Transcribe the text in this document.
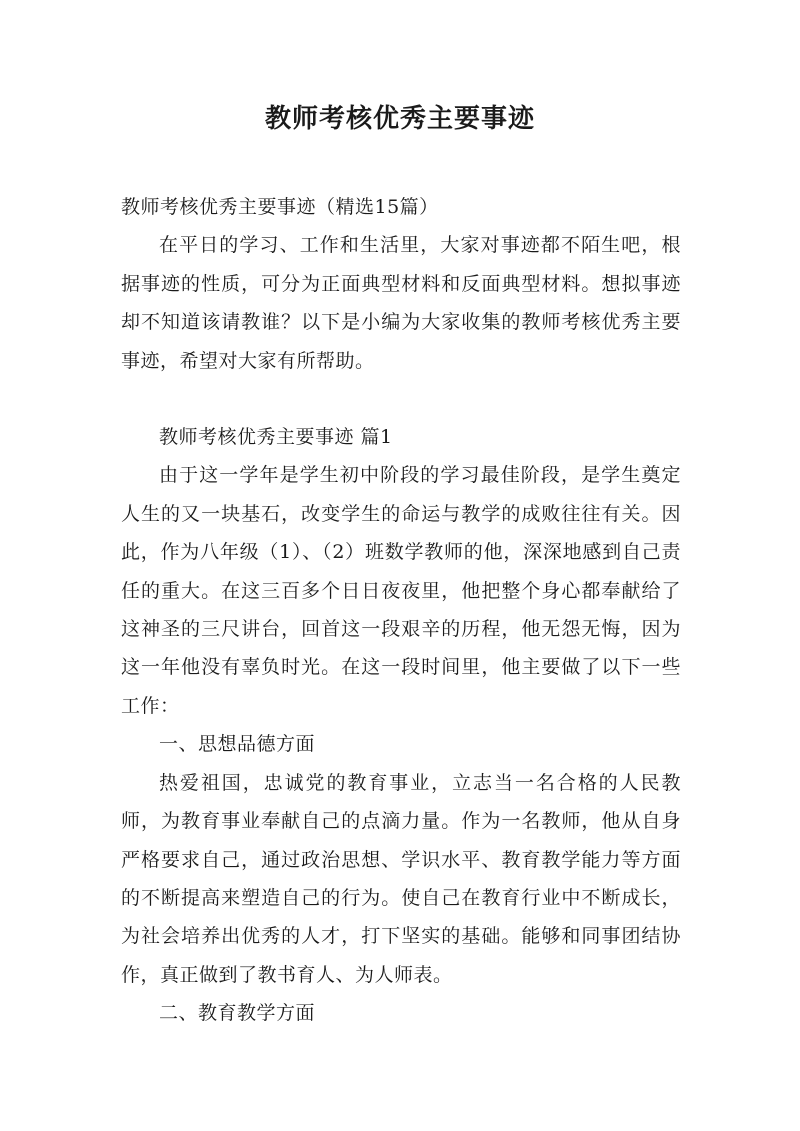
教师考核优秀主要事迹

教师考核优秀主要事迹（精选15篇）

在平日的学习、工作和生活里，大家对事迹都不陌生吧，根据事迹的性质，可分为正面典型材料和反面典型材料。想拟事迹却不知道该请教谁？以下是小编为大家收集的教师考核优秀主要事迹，希望对大家有所帮助。

教师考核优秀主要事迹 篇1

由于这一学年是学生初中阶段的学习最佳阶段，是学生奠定人生的又一块基石，改变学生的命运与教学的成败往往有关。因此，作为八年级（1）、（2）班数学教师的他，深深地感到自己责任的重大。在这三百多个日日夜夜里，他把整个身心都奉献给了这神圣的三尺讲台，回首这一段艰辛的历程，他无怨无悔，因为这一年他没有辜负时光。在这一段时间里，他主要做了以下一些工作：

一、思想品德方面

热爱祖国，忠诚党的教育事业，立志当一名合格的人民教师，为教育事业奉献自己的点滴力量。作为一名教师，他从自身严格要求自己，通过政治思想、学识水平、教育教学能力等方面的不断提高来塑造自己的行为。使自己在教育行业中不断成长，为社会培养出优秀的人才，打下坚实的基础。能够和同事团结协作，真正做到了教书育人、为人师表。

二、教育教学方面
